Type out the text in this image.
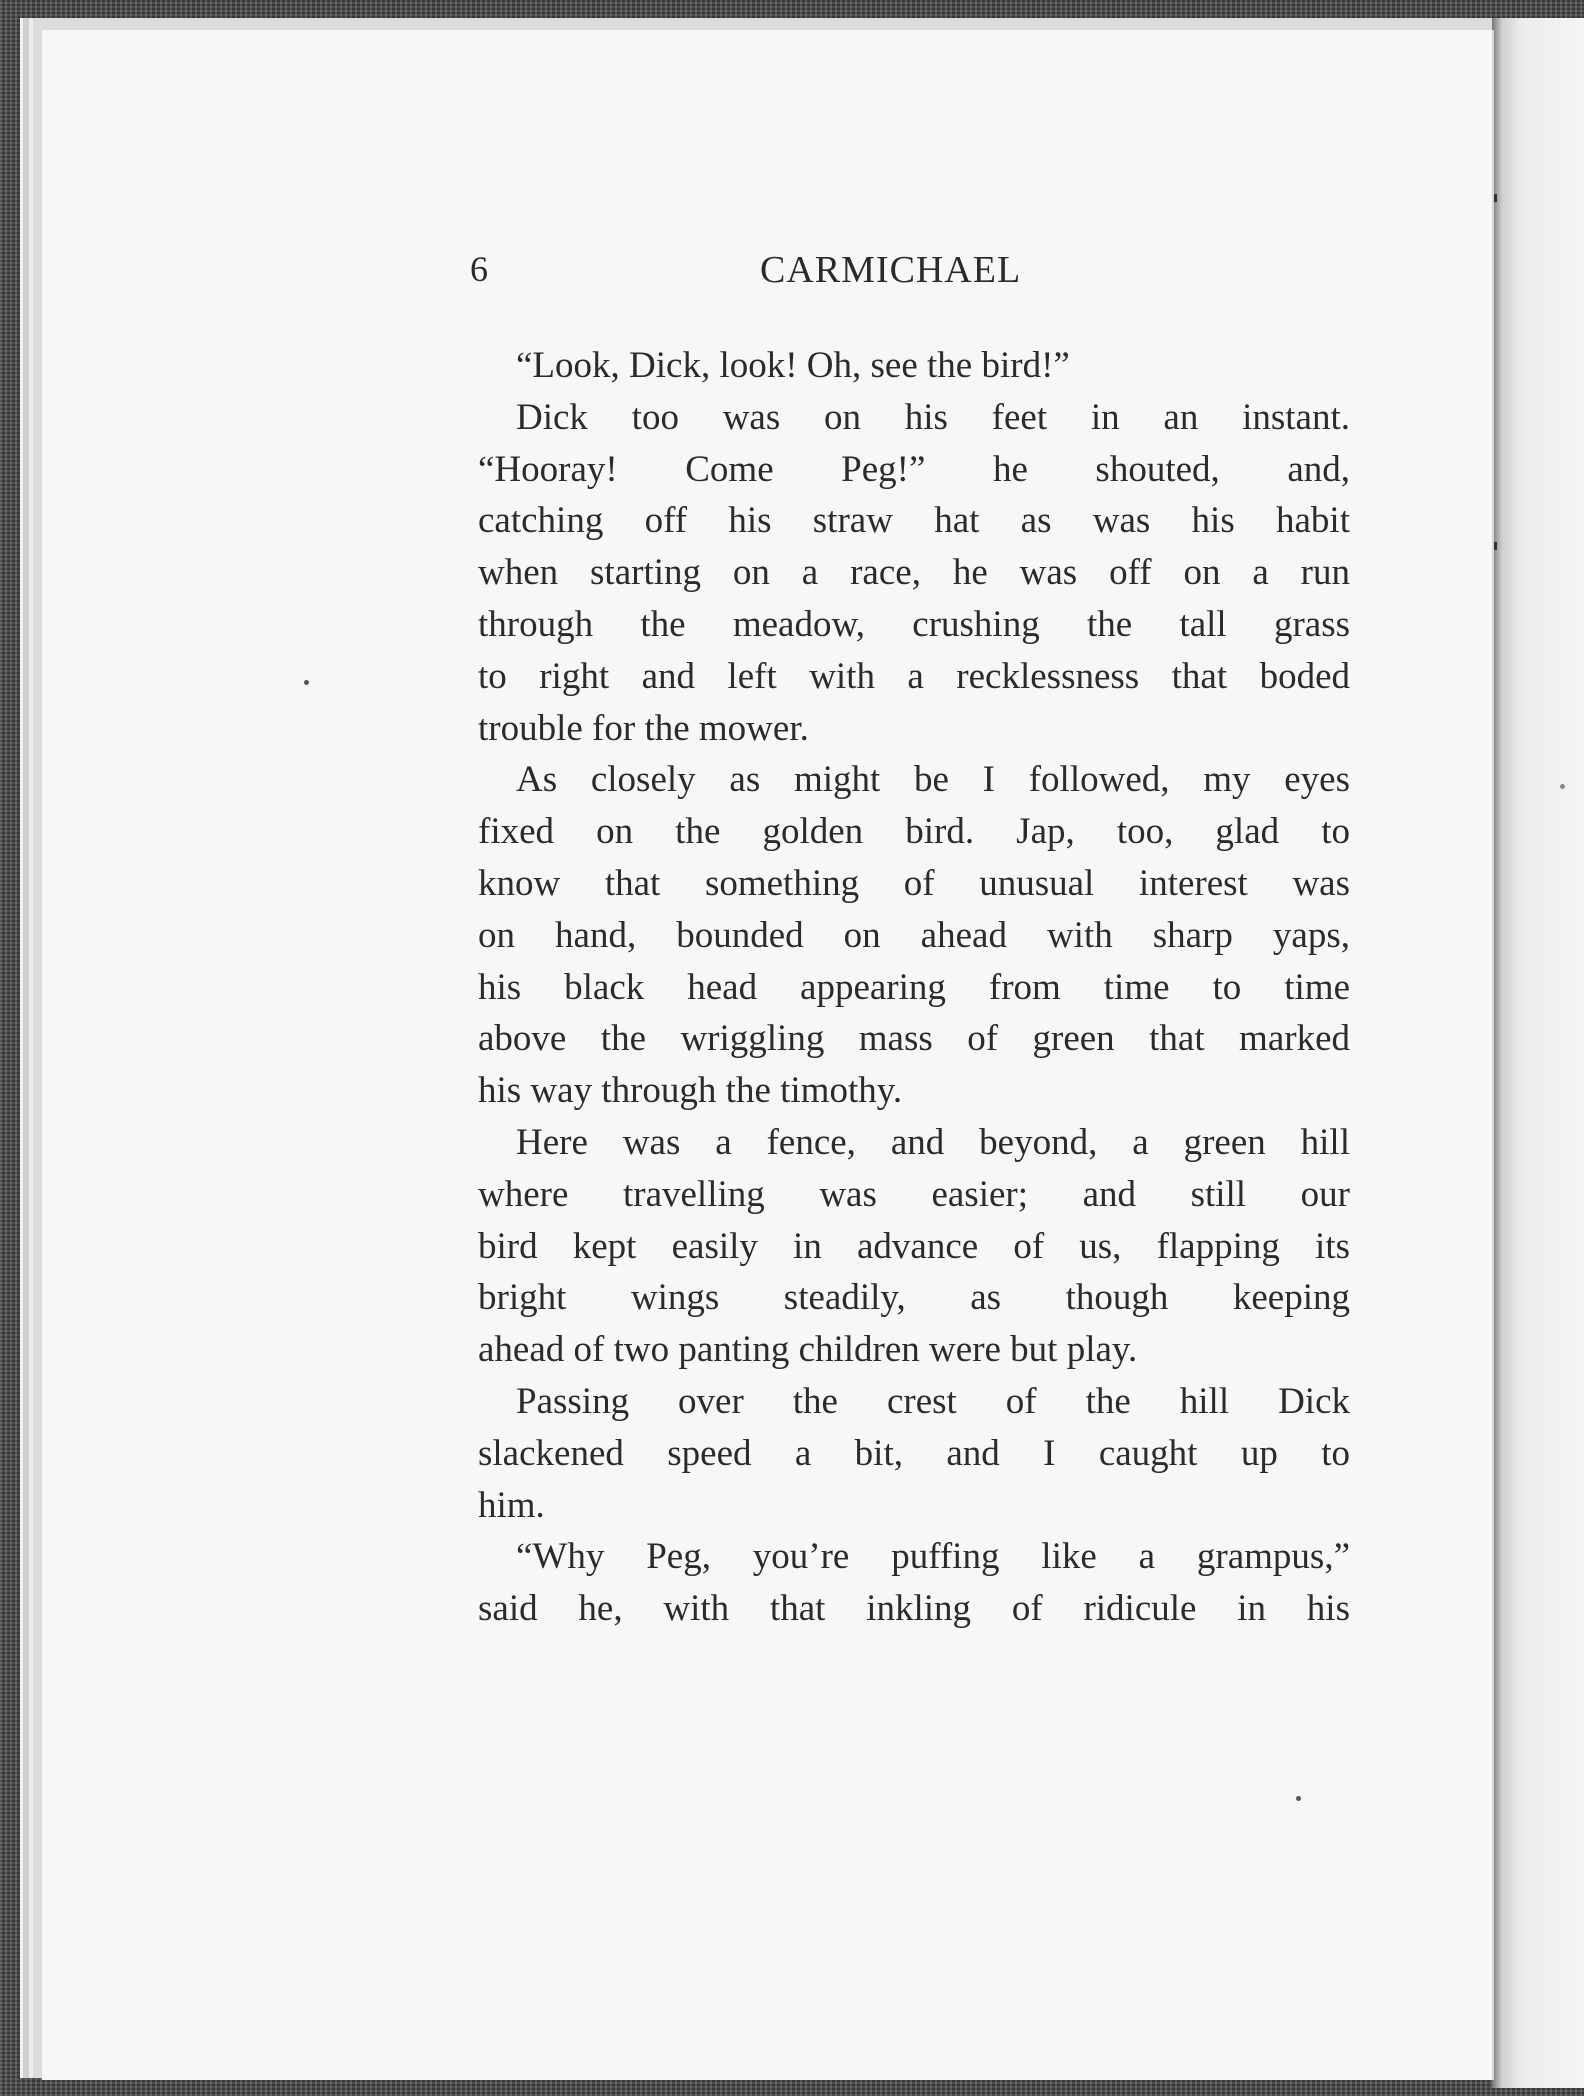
6	CARMICHAEL
“Look, Dick, look! Oh, see the bird!”
Dick too was on his feet in an instant.
“Hooray! Come Peg!” he shouted, and,
catching off his straw hat as was his habit
when starting on a race, he was off on a run
through the meadow, crushing the tall grass
to right and left with a recklessness that boded
trouble for the mower.
As closely as might be I followed, my eyes
fixed on the golden bird. Jap, too, glad to
know that something of unusual interest was
on hand, bounded on ahead with sharp yaps,
his black head appearing from time to time
above the wriggling mass of green that marked
his way through the timothy.
Here was a fence, and beyond, a green hill
where travelling was easier; and still our
bird kept easily in advance of us, flapping its
bright wings steadily, as though keeping
ahead of two panting children were but play.
Passing over the crest of the hill Dick
slackened speed a bit, and I caught up to
him.
“Why Peg, you’re puffing like a grampus,”
said he, with that inkling of ridicule in his
